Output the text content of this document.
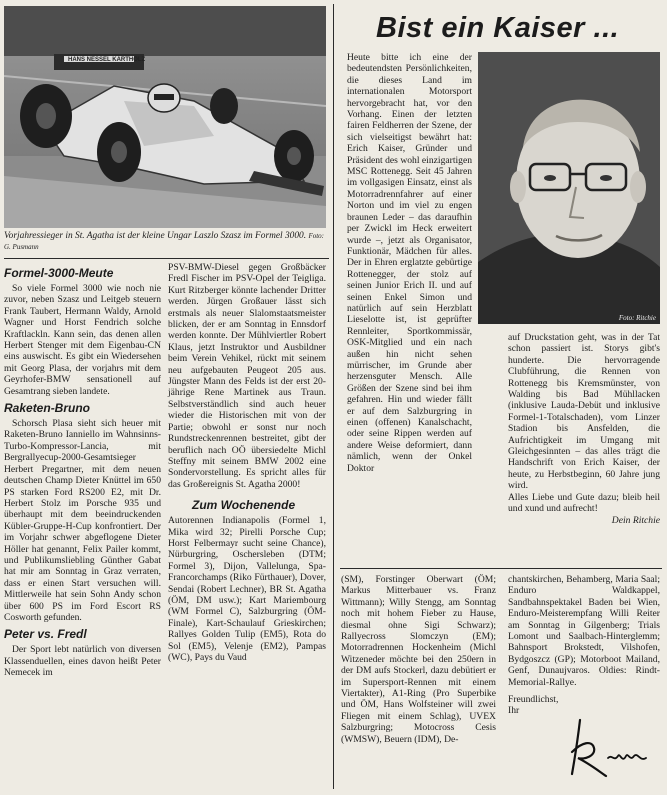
HANS NESSEL KARTHOLZ
Vorjahressieger in St. Agatha ist der kleine Ungar Laszlo Szasz im Formel 3000. Foto: G. Pusmann
Bist ein Kaiser ...
Formel-3000-Meute

So viele Formel 3000 wie noch nie zuvor, neben Szasz und Leitgeb steuern Frank Taubert, Hermann Waldy, Arnold Wagner und Horst Fendrich solche Kraftlackln. Kann sein, das denen allen Herbert Stenger mit dem Eigenbau-CN eins auswischt. Es gibt ein Wiedersehen mit Georg Plasa, der vorjahrs mit dem Geyrhofer-BMW sensationell auf Gesamtrang sieben landete.

Raketen-Bruno

Schorsch Plasa sieht sich heuer mit Raketen-Bruno Ianniello im Wahnsinns-Turbo-Kompressor-Lancia, mit Bergrallyecup-2000-Gesamtsieger Herbert Pregartner, mit dem neuen deutschen Champ Dieter Knüttel im 650 PS starken Ford RS200 E2, mit Dr. Herbert Stolz im Porsche 935 und überhaupt mit dem beeindruckenden Kübler-Gruppe-H-Cup konfrontiert. Der im Vorjahr schwer abgeflogene Dieter Höller hat genannt, Felix Pailer kommt, und Publikumsliebling Günther Gabat hat mir am Sonntag in Graz verraten, dass er einen Start versuchen will. Mittlerweile hat sein Sohn Andy schon über 600 PS im Ford Escort RS Cosworth gefunden.

Peter vs. Fredl

Der Sport lebt natürlich von diversen Klassenduellen, eines davon heißt Peter Nemecek im

PSV-BMW-Diesel gegen Großbäcker Fredl Fischer im PSV-Opel der Teigliga. Kurt Ritzberger könnte lachender Dritter werden. Jürgen Großauer lässt sich erstmals als neuer Slalomstaatsmeister blicken, der er am Sonntag in Ennsdorf werden konnte. Der Mühlviertler Robert Klaus, jetzt Instruktor und Ausbildner beim Verein Vehikel, rückt mit seinem neu aufgebauten Peugeot 205 aus. Jüngster Mann des Felds ist der erst 20-jährige Rene Martinek aus Traun. Selbstverständlich sind auch heuer wieder die Historischen mit von der Partie; obwohl er sonst nur noch Rundstreckenrennen bestreitet, gibt der beruflich nach OÖ übersiedelte Michl Steffny mit seinem BMW 2002 eine Sondervorstellung. Es spricht alles für das Großereignis St. Agatha 2000!

Zum Wochenende

Autorennen Indianapolis (Formel 1, Mika wird 32; Pirelli Porsche Cup; Horst Felbermayr sucht seine Chance), Nürburgring, Oschersleben (DTM; Formel 3), Dijon, Vallelunga, Spa-Francorchamps (Riko Fürthauer), Dover, Sendai (Robert Lechner), BR St. Agatha (ÖM, DM usw.); Kart Mariembourg (WM Formel C), Salzburgring (ÖM-Finale), Kart-Schaulauf Grieskirchen; Rallyes Golden Tulip (EM5), Rota do Sol (EM5), Velenje (EM2), Pampas (WC), Pays du Vaud

Heute bitte ich eine der bedeutendsten Persönlichkeiten, die dieses Land im internationalen Motorsport hervorgebracht hat, vor den Vorhang. Einen der letzten fairen Feldherren der Szene, der sich vielseitigst bewährt hat: Erich Kaiser, Gründer und Präsident des wohl einzigartigen MSC Rottenegg. Seit 45 Jahren im vollgasigen Einsatz, einst als Motorradrennfahrer auf einer Norton und im viel zu engen braunen Leder – das daraufhin per Zwickl im Heck erweitert wurde –, jetzt als Organisator, Funktionär, Mädchen für alles. Der in Ehren erglatzte gebürtige Rottenegger, der stolz auf seinen Junior Erich II. und auf seinen Enkel Simon und natürlich auf sein Herzblatt Lieselotte ist, ist geprüfter Rennleiter, Sportkommissär, OSK-Mitglied und ein nach außen hin nicht sehen mürrischer, im Grunde aber herzensguter Mensch. Alle Größen der Szene sind bei ihm gefahren. Hin und wieder fällt er auf dem Salzburgring in einen (offenen) Kanalschacht, oder seine Rippen werden auf andere Weise deformiert, dann nämlich, wenn der Onkel Doktor

Foto: Ritchie

auf Druckstation geht, was in der Tat schon passiert ist. Storys gibt's hunderte. Die hervorragende Clubführung, die Rennen von Rottenegg bis Kremsmünster, von Walding bis Bad Mühllacken (inklusive Lauda-Debüt und inklusive Formel-1-Totalschaden), vom Linzer Stadion bis Ansfelden, die Aufrichtigkeit im Umgang mit Gleichgesinnten – das alles trägt die Handschrift von Erich Kaiser, der heute, zu Herbstbeginn, 60 Jahre jung wird.

Alles Liebe und Gute dazu; bleib heil und xund und aufrecht!

Dein Ritchie

(SM), Forstinger Oberwart (ÖM; Markus Mitterbauer vs. Franz Wittmann); Willy Stengg, am Sonntag noch mit hohem Fieber zu Hause, diesmal ohne Sigi Schwarz); Rallyecross Slomczyn (EM); Motorradrennen Hockenheim (Michl Witzeneder möchte bei den 250ern in der DM aufs Stockerl, dazu debütiert er im Supersport-Rennen mit einem Viertakter), A1-Ring (Pro Superbike und ÖM, Hans Wolfsteiner will zwei Fliegen mit einem Schlag), UVEX Salzburgring; Motocross Cesis (WMSW), Beuern (IDM), De-

chantskirchen, Behamberg, Maria Saal; Enduro Waldkappel, Sandbahnspektakel Baden bei Wien, Enduro-Meisterempfang Willi Reiter am Sonntag in Gilgenberg; Trials Lomont und Saalbach-Hinterglemm; Bahnsport Brokstedt, Vilshofen, Bydgoszcz (GP); Motorboot Mailand, Genf, Dunaujvaros. Oldies: Rindt-Memorial-Rallye.

Freundlichst, Ihr
